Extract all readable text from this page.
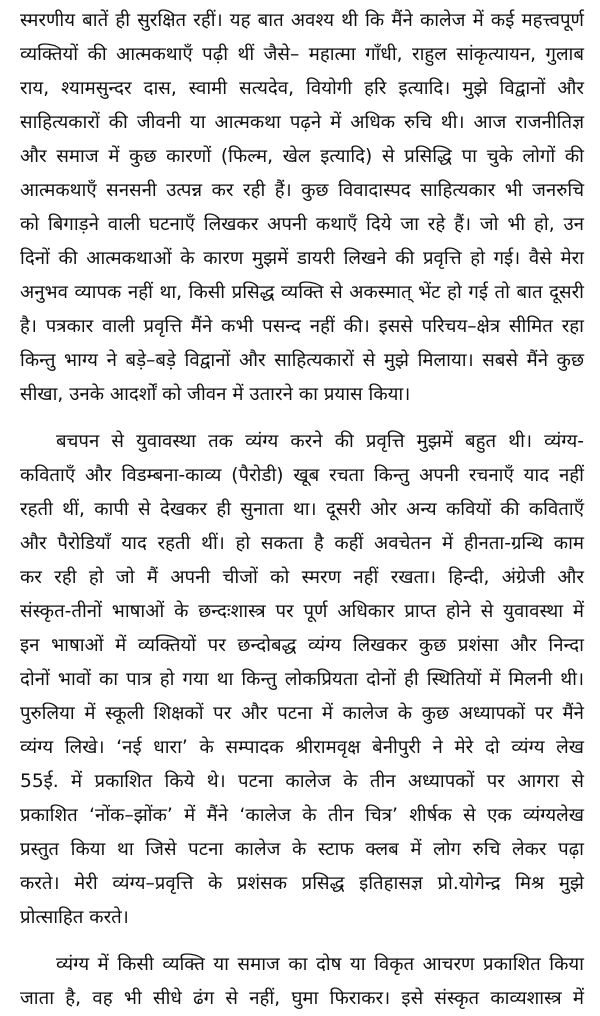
स्मरणीय बातें ही सुरक्षित रहीं। यह बात अवश्य थी कि मैंने कालेज में कई महत्त्वपूर्ण
व्यक्तियों की आत्मकथाएँ पढ़ी थीं जैसे– महात्मा गाँधी, राहुल सांकृत्यायन, गुलाब
राय, श्यामसुन्दर दास, स्वामी सत्यदेव, वियोगी हरि इत्यादि। मुझे विद्वानों और
साहित्यकारों की जीवनी या आत्मकथा पढ़ने में अधिक रुचि थी। आज राजनीतिज्ञ
और समाज में कुछ कारणों (फिल्म, खेल इत्यादि) से प्रसिद्धि पा चुके लोगों की
आत्मकथाएँ सनसनी उत्पन्न कर रही हैं। कुछ विवादास्पद साहित्यकार भी जनरुचि
को बिगाड़ने वाली घटनाएँ लिखकर अपनी कथाएँ दिये जा रहे हैं। जो भी हो, उन
दिनों की आत्मकथाओं के कारण मुझमें डायरी लिखने की प्रवृत्ति हो गई। वैसे मेरा
अनुभव व्यापक नहीं था, किसी प्रसिद्ध व्यक्ति से अकस्मात् भेंट हो गई तो बात दूसरी
है। पत्रकार वाली प्रवृत्ति मैंने कभी पसन्द नहीं की। इससे परिचय–क्षेत्र सीमित रहा
किन्तु भाग्य ने बड़े–बड़े विद्वानों और साहित्यकारों से मुझे मिलाया। सबसे मैंने कुछ
सीखा, उनके आदर्शों को जीवन में उतारने का प्रयास किया।
बचपन से युवावस्था तक व्यंग्य करने की प्रवृत्ति मुझमें बहुत थी। व्यंग्य-
कविताएँ और विडम्बना-काव्य (पैरोडी) खूब रचता किन्तु अपनी रचनाएँ याद नहीं
रहती थीं, कापी से देखकर ही सुनाता था। दूसरी ओर अन्य कवियों की कविताएँ
और पैरोडियाँ याद रहती थीं। हो सकता है कहीं अवचेतन में हीनता-ग्रन्थि काम
कर रही हो जो मैं अपनी चीजों को स्मरण नहीं रखता। हिन्दी, अंग्रेजी और
संस्कृत-तीनों भाषाओं के छन्दःशास्त्र पर पूर्ण अधिकार प्राप्त होने से युवावस्था में
इन भाषाओं में व्यक्तियों पर छन्दोबद्ध व्यंग्य लिखकर कुछ प्रशंसा और निन्दा
दोनों भावों का पात्र हो गया था किन्तु लोकप्रियता दोनों ही स्थितियों में मिलनी थी।
पुरुलिया में स्कूली शिक्षकों पर और पटना में कालेज के कुछ अध्यापकों पर मैंने
व्यंग्य लिखे। ‘नई धारा’ के सम्पादक श्रीरामवृक्ष बेनीपुरी ने मेरे दो व्यंग्य लेख
55ई. में प्रकाशित किये थे। पटना कालेज के तीन अध्यापकों पर आगरा से
प्रकाशित ‘नोंक–झोंक’ में मैंने ‘कालेज के तीन चित्र’ शीर्षक से एक व्यंग्यलेख
प्रस्तुत किया था जिसे पटना कालेज के स्टाफ क्लब में लोग रुचि लेकर पढ़ा
करते। मेरी व्यंग्य–प्रवृत्ति के प्रशंसक प्रसिद्ध इतिहासज्ञ प्रो.योगेन्द्र मिश्र मुझे
प्रोत्साहित करते।
व्यंग्य में किसी व्यक्ति या समाज का दोष या विकृत आचरण प्रकाशित किया
जाता है, वह भी सीधे ढंग से नहीं, घुमा फिराकर। इसे संस्कृत काव्यशास्त्र में
